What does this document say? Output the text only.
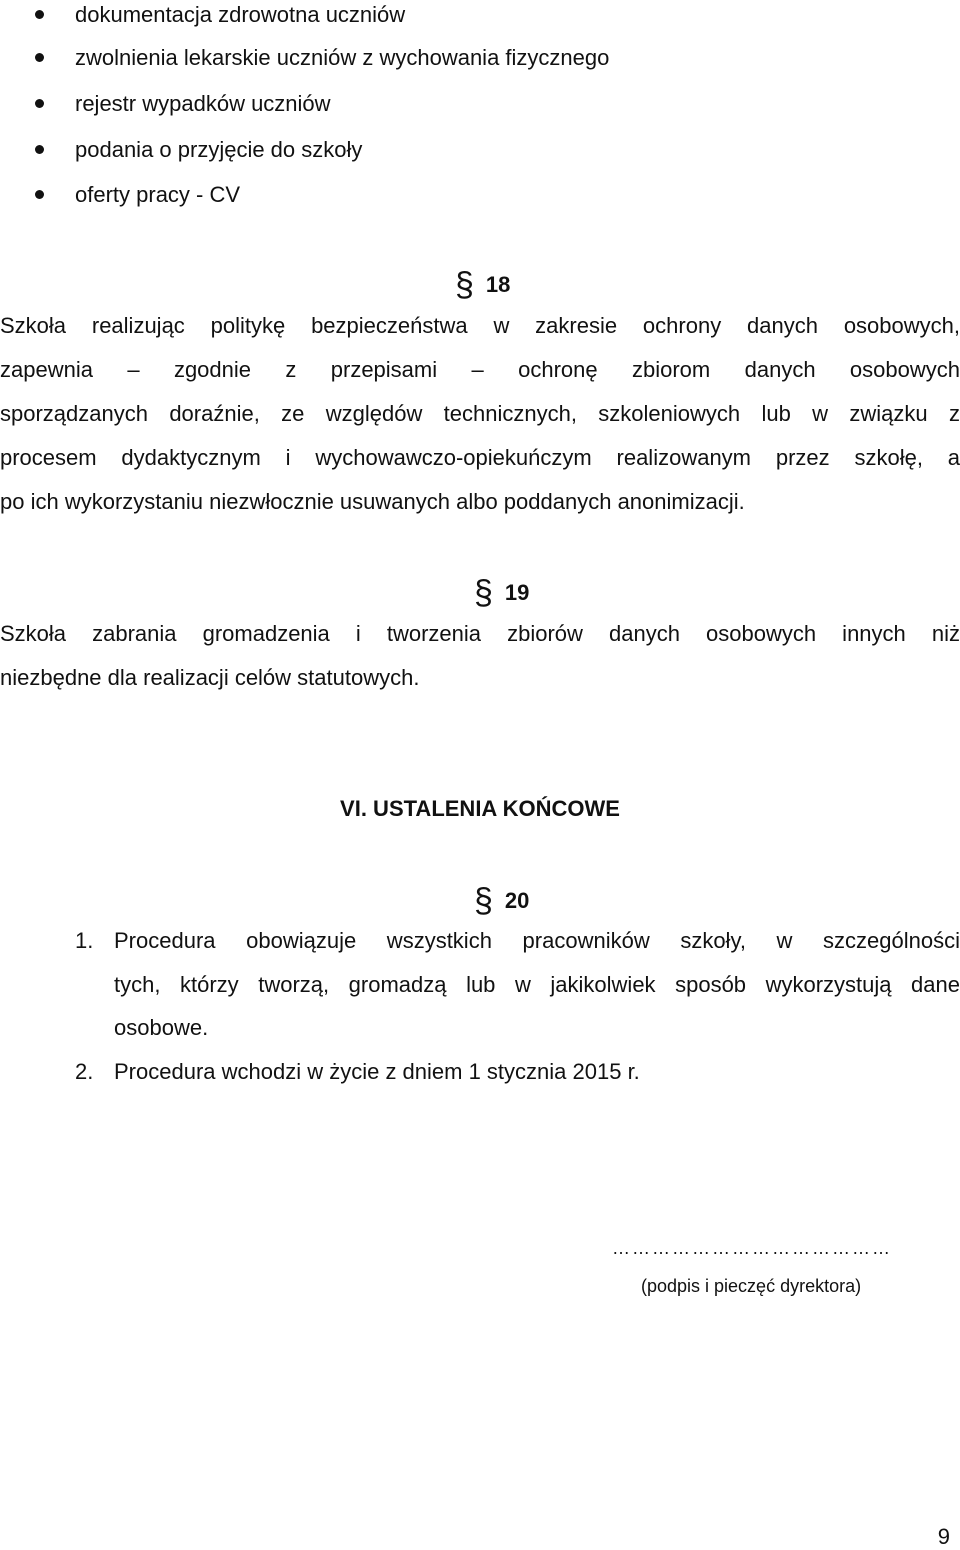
dokumentacja zdrowotna uczniów
zwolnienia lekarskie uczniów z wychowania fizycznego
rejestr wypadków uczniów
podania o przyjęcie do szkoły
oferty pracy - CV
§ 18
Szkoła realizując politykę bezpieczeństwa w zakresie ochrony danych osobowych,
zapewnia – zgodnie z przepisami – ochronę zbiorom danych osobowych
sporządzanych doraźnie, ze względów technicznych, szkoleniowych lub w związku z
procesem dydaktycznym i wychowawczo-opiekuńczym realizowanym przez szkołę, a
po ich wykorzystaniu niezwłocznie usuwanych albo poddanych anonimizacji.
§ 19
Szkoła zabrania gromadzenia i tworzenia zbiorów danych osobowych innych niż
niezbędne dla realizacji celów statutowych.
VI. USTALENIA KOŃCOWE
§ 20
1. Procedura obowiązuje wszystkich pracowników szkoły, w szczególności
tych, którzy tworzą, gromadzą lub w jakikolwiek sposób wykorzystują dane
osobowe.
2. Procedura wchodzi w życie z dniem 1 stycznia 2015 r.
……………………………………
(podpis i pieczęć dyrektora)
9
